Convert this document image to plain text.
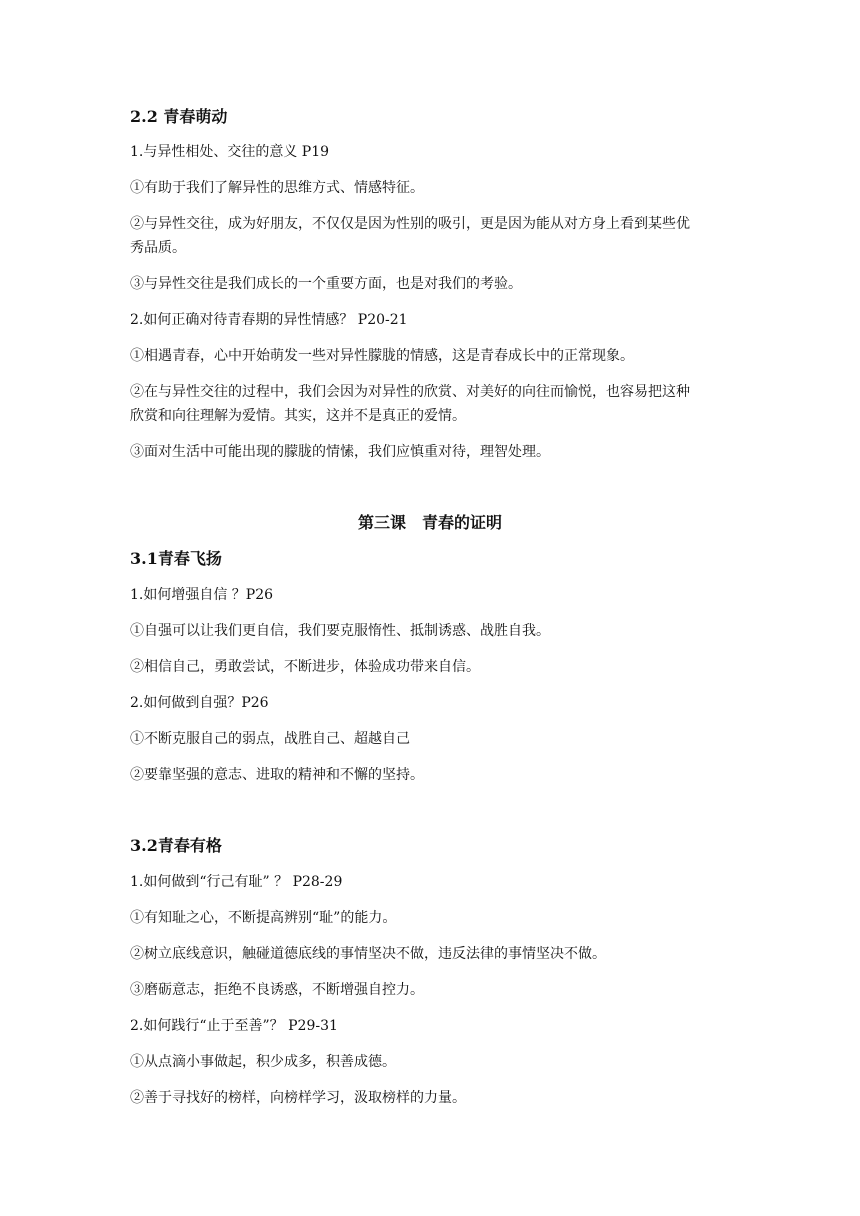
2.2 青春萌动
1.与异性相处、交往的意义 P19
①有助于我们了解异性的思维方式、情感特征。
②与异性交往，成为好朋友，不仅仅是因为性别的吸引，更是因为能从对方身上看到某些优
秀品质。
③与异性交往是我们成长的一个重要方面，也是对我们的考验。
2.如何正确对待青春期的异性情感？ P20-21
①相遇青春，心中开始萌发一些对异性朦胧的情感，这是青春成长中的正常现象。
②在与异性交往的过程中，我们会因为对异性的欣赏、对美好的向往而愉悦，也容易把这种
欣赏和向往理解为爱情。其实，这并不是真正的爱情。
③面对生活中可能出现的朦胧的情愫，我们应慎重对待，理智处理。
第三课　青春的证明
3.1青春飞扬
1.如何增强自信 ？P26
①自强可以让我们更自信，我们要克服惰性、抵制诱惑、战胜自我。
②相信自己，勇敢尝试，不断进步，体验成功带来自信。
2.如何做到自强？P26
①不断克服自己的弱点，战胜自己、超越自己
②要靠坚强的意志、进取的精神和不懈的坚持。
3.2青春有格
1.如何做到“行己有耻” ？ P28-29
①有知耻之心，不断提高辨别“耻”的能力。
②树立底线意识，触碰道德底线的事情坚决不做，违反法律的事情坚决不做。
③磨砺意志，拒绝不良诱惑，不断增强自控力。
2.如何践行“止于至善”？ P29-31
①从点滴小事做起，积少成多，积善成德。
②善于寻找好的榜样，向榜样学习，汲取榜样的力量。
